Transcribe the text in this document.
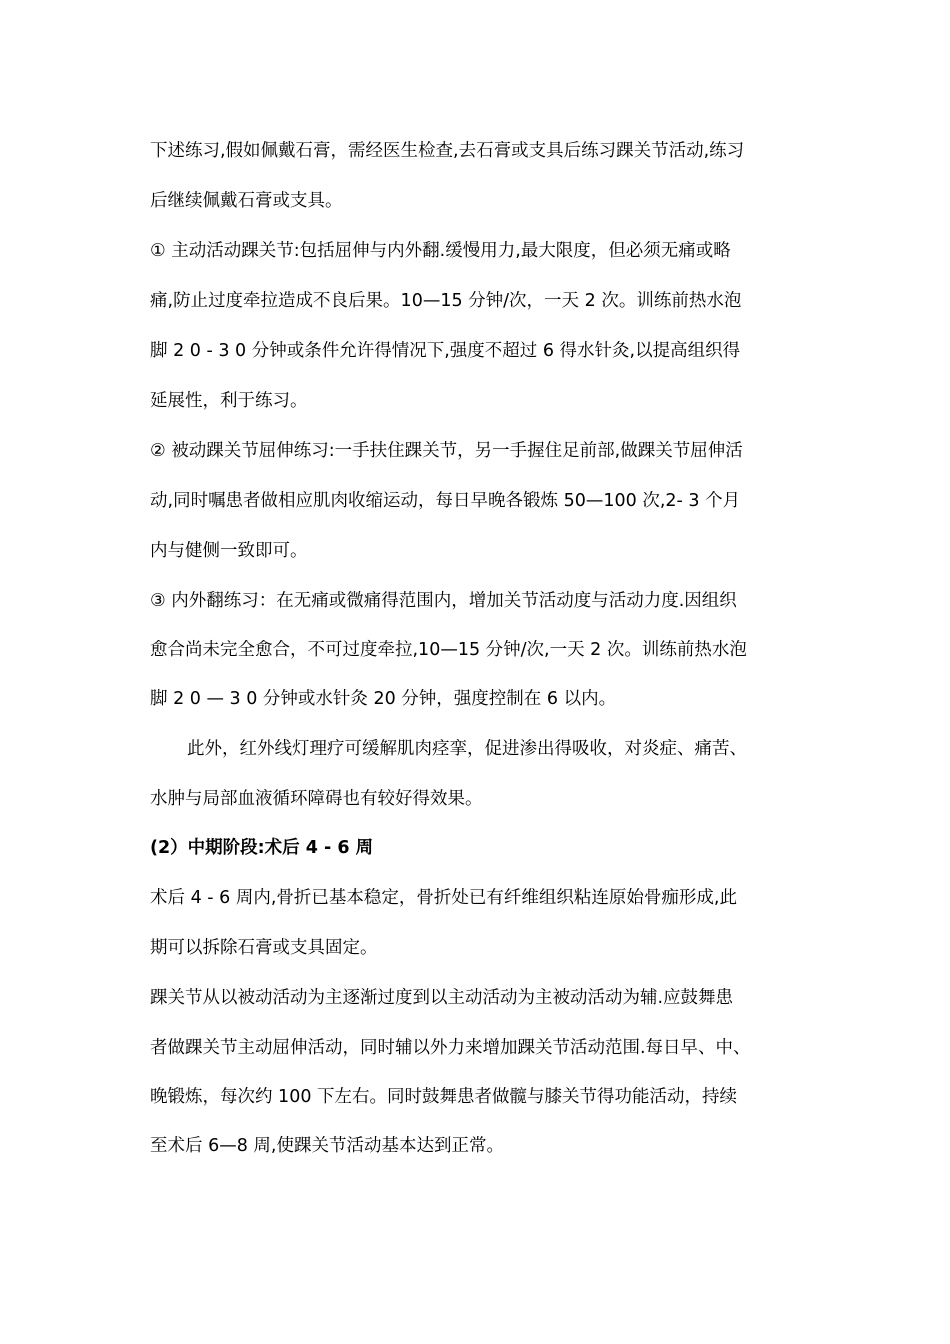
下述练习,假如佩戴石膏，需经医生检查,去石膏或支具后练习踝关节活动,练习
后继续佩戴石膏或支具。
① 主动活动踝关节:包括屈伸与内外翻.缓慢用力,最大限度，但必须无痛或略
痛,防止过度牵拉造成不良后果。10—15 分钟/次，一天 2 次。训练前热水泡
脚 2 0 - 3 0 分钟或条件允许得情况下,强度不超过 6 得水针灸,以提高组织得
延展性，利于练习。
② 被动踝关节屈伸练习:一手扶住踝关节，另一手握住足前部,做踝关节屈伸活
动,同时嘱患者做相应肌肉收缩运动，每日早晚各锻炼 50—100 次,2- 3 个月
内与健侧一致即可。
③ 内外翻练习：在无痛或微痛得范围内，增加关节活动度与活动力度.因组织
愈合尚未完全愈合，不可过度牵拉,10—15 分钟/次,一天 2 次。训练前热水泡
脚 2 0 — 3 0 分钟或水针灸 20 分钟，强度控制在 6 以内。
此外，红外线灯理疗可缓解肌肉痉挛，促进渗出得吸收，对炎症、痛苦、
水肿与局部血液循环障碍也有较好得效果。
(2）中期阶段:术后 4 - 6 周
术后 4 - 6 周内,骨折已基本稳定，骨折处已有纤维组织粘连原始骨痂形成,此
期可以拆除石膏或支具固定。
踝关节从以被动活动为主逐渐过度到以主动活动为主被动活动为辅.应鼓舞患
者做踝关节主动屈伸活动，同时辅以外力来增加踝关节活动范围.每日早、中、
晚锻炼，每次约 100 下左右。同时鼓舞患者做髋与膝关节得功能活动，持续
至术后 6—8 周,使踝关节活动基本达到正常。
